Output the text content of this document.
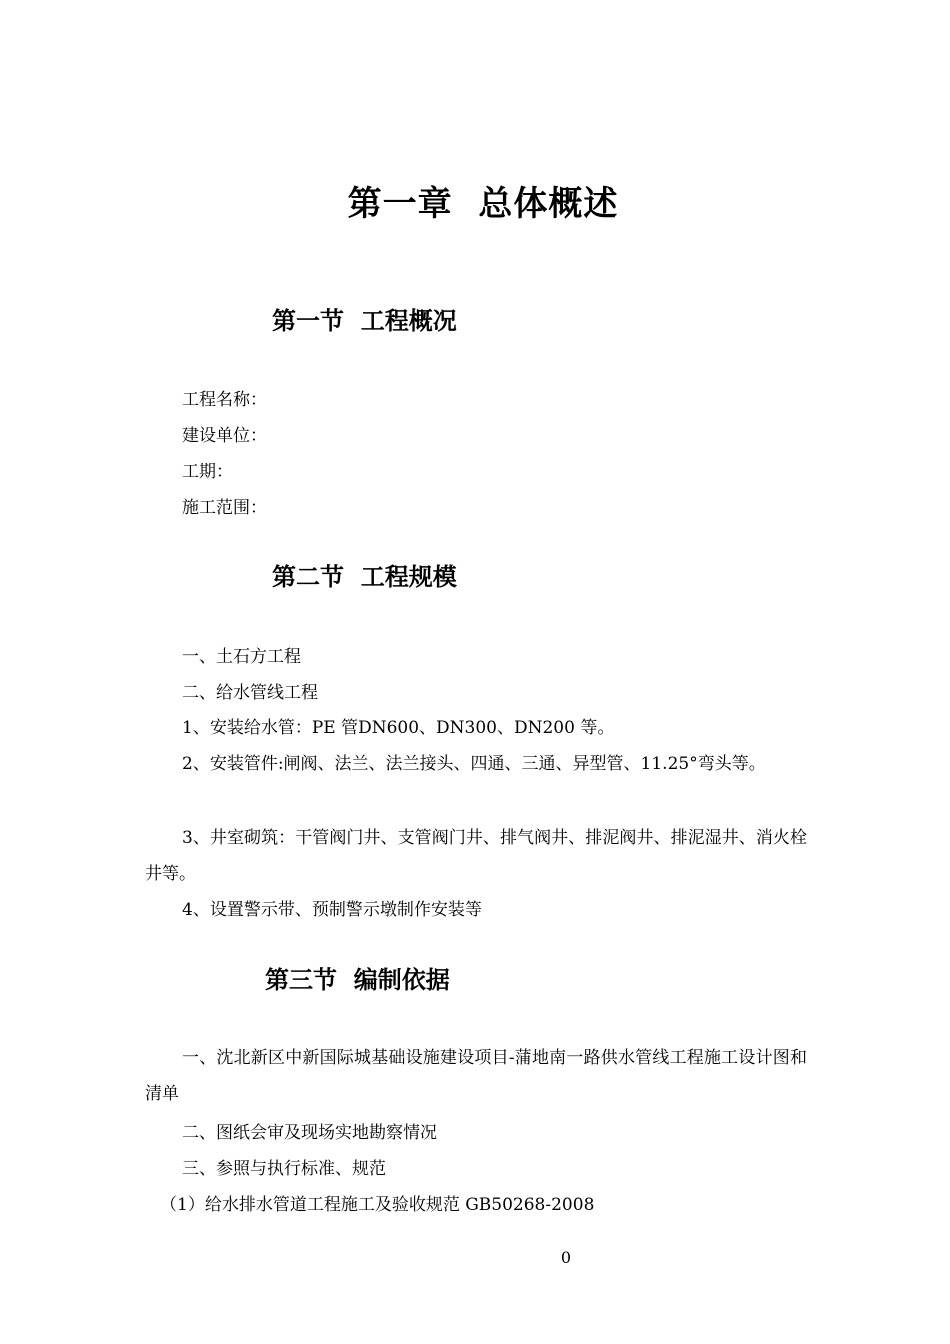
第一章  总体概述
第一节  工程概况
工程名称：
建设单位：
工期：
施工范围：
第二节  工程规模
一、土石方工程
二、给水管线工程
1、安装给水管：PE 管DN600、DN300、DN200 等。
2、安装管件:闸阀、法兰、法兰接头、四通、三通、异型管、11.25°弯头等。
3、井室砌筑：干管阀门井、支管阀门井、排气阀井、排泥阀井、排泥湿井、消火栓井等。
4、设置警示带、预制警示墩制作安装等
第三节  编制依据
一、沈北新区中新国际城基础设施建设项目-蒲地南一路供水管线工程施工设计图和清单
二、图纸会审及现场实地勘察情况
三、参照与执行标准、规范
（1）给水排水管道工程施工及验收规范 GB50268-2008
0
